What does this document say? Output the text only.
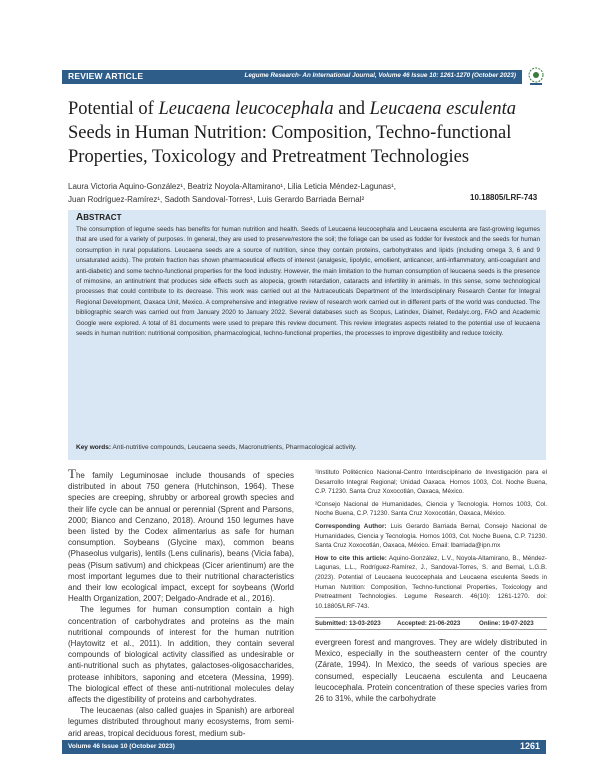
REVIEW ARTICLE	Legume Research- An International Journal, Volume 46 Issue 10: 1261-1270 (October 2023)
Potential of Leucaena leucocephala and Leucaena esculenta Seeds in Human Nutrition: Composition, Techno-functional Properties, Toxicology and Pretreatment Technologies
Laura Victoria Aquino-González¹, Beatriz Noyola-Altamirano¹, Lilia Leticia Méndez-Lagunas¹,
Juan Rodríguez-Ramírez¹, Sadoth Sandoval-Torres¹, Luis Gerardo Barriada Bernal²	10.18805/LRF-743
ABSTRACT

The consumption of legume seeds has benefits for human nutrition and health. Seeds of Leucaena leucocephala and Leucaena esculenta are fast-growing legumes that are used for a variety of purposes. In general, they are used to preserve/restore the soil; the foliage can be used as fodder for livestock and the seeds for human consumption in rural populations. Leucaena seeds are a source of nutrition, since they contain proteins, carbohydrates and lipids (including omega 3, 6 and 9 unsaturated acids). The protein fraction has shown pharmaceutical effects of interest (analgesic, lipolytic, emollient, anticancer, anti-inflammatory, anti-coagulant and anti-diabetic) and some techno-functional properties for the food industry. However, the main limitation to the human consumption of leucaena seeds is the presence of mimosine, an antinutrient that produces side effects such as alopecia, growth retardation, cataracts and infertility in animals. In this sense, some technological processes that could contribute to its decrease. This work was carried out at the Nutraceuticals Department of the Interdisciplinary Research Center for Integral Regional Development, Oaxaca Unit, Mexico. A comprehensive and integrative review of research work carried out in different parts of the world was conducted. The bibliographic search was carried out from January 2020 to January 2022. Several databases such as Scopus, Latindex, Dialnet, Redalyc.org, FAO and Academic Google were explored. A total of 81 documents were used to prepare this review document. This review integrates aspects related to the potential use of leucaena seeds in human nutrition: nutritional composition, pharmacological, techno-functional properties, the processes to improve digestibility and reduce toxicity.

Key words: Anti-nutritive compounds, Leucaena seeds, Macronutrients, Pharmacological activity.

The family Leguminosae include thousands of species distributed in about 750 genera (Hutchinson, 1964). These species are creeping, shrubby or arboreal growth species and their life cycle can be annual or perennial (Sprent and Parsons, 2000; Bianco and Cenzano, 2018). Around 150 legumes have been listed by the Codex alimentarius as safe for human consumption. Soybeans (Glycine max), common beans (Phaseolus vulgaris), lentils (Lens culinaris), beans (Vicia faba), peas (Pisum sativum) and chickpeas (Cicer arientinum) are the most important legumes due to their nutritional characteristics and their low ecological impact, except for soybeans (World Health Organization, 2007; Delgado-Andrade et al., 2016).

The legumes for human consumption contain a high concentration of carbohydrates and proteins as the main nutritional compounds of interest for the human nutrition (Haytowitz et al., 2011). In addition, they contain several compounds of biological activity classified as undesirable or anti-nutritional such as phytates, galactoses-oligosaccharides, protease inhibitors, saponing and etcetera (Messina, 1999). The biological effect of these anti-nutritional molecules delay affects the digestibility of proteins and carbohydrates.

The leucaenas (also called guajes in Spanish) are arboreal legumes distributed throughout many ecosystems, from semi-arid areas, tropical deciduous forest, medium sub-

¹Instituto Politécnico Nacional-Centro Interdisciplinario de Investigación para el Desarrollo Integral Regional; Unidad Oaxaca. Hornos 1003, Col. Noche Buena, C.P. 71230. Santa Cruz Xoxocotlán, Oaxaca, México.

²Consejo Nacional de Humanidades, Ciencia y Tecnología. Hornos 1003, Col. Noche Buena, C.P. 71230. Santa Cruz Xoxocotlán, Oaxaca, México.

Corresponding Author: Luis Gerardo Barriada Bernal, Consejo Nacional de Humanidades, Ciencia y Tecnología. Hornos 1003, Col. Noche Buena, C.P. 71230. Santa Cruz Xoxocotlán, Oaxaca, México. Email: lbarriada@ipn.mx

How to cite this article: Aquino-González, L.V., Noyola-Altamirano, B., Méndez-Lagunas, L.L., Rodríguez-Ramírez, J., Sandoval-Torres, S. and Bernal, L.G.B. (2023). Potential of Leucaena leucocephala and Leucaena esculenta Seeds in Human Nutrition: Composition, Techno-functional Properties, Toxicology and Pretreatment Technologies. Legume Research. 46(10): 1261-1270. doi: 10.18805/LRF-743.

Submitted: 13-03-2023	Accepted: 21-06-2023	Online: 19-07-2023

evergreen forest and mangroves. They are widely distributed in Mexico, especially in the southeastern center of the country (Zárate, 1994). In Mexico, the seeds of various species are consumed, especially Leucaena esculenta and Leucaena leucocephala. Protein concentration of these species varies from 26 to 31%, while the carbohydrate

Volume 46 Issue 10 (October 2023)	1261
